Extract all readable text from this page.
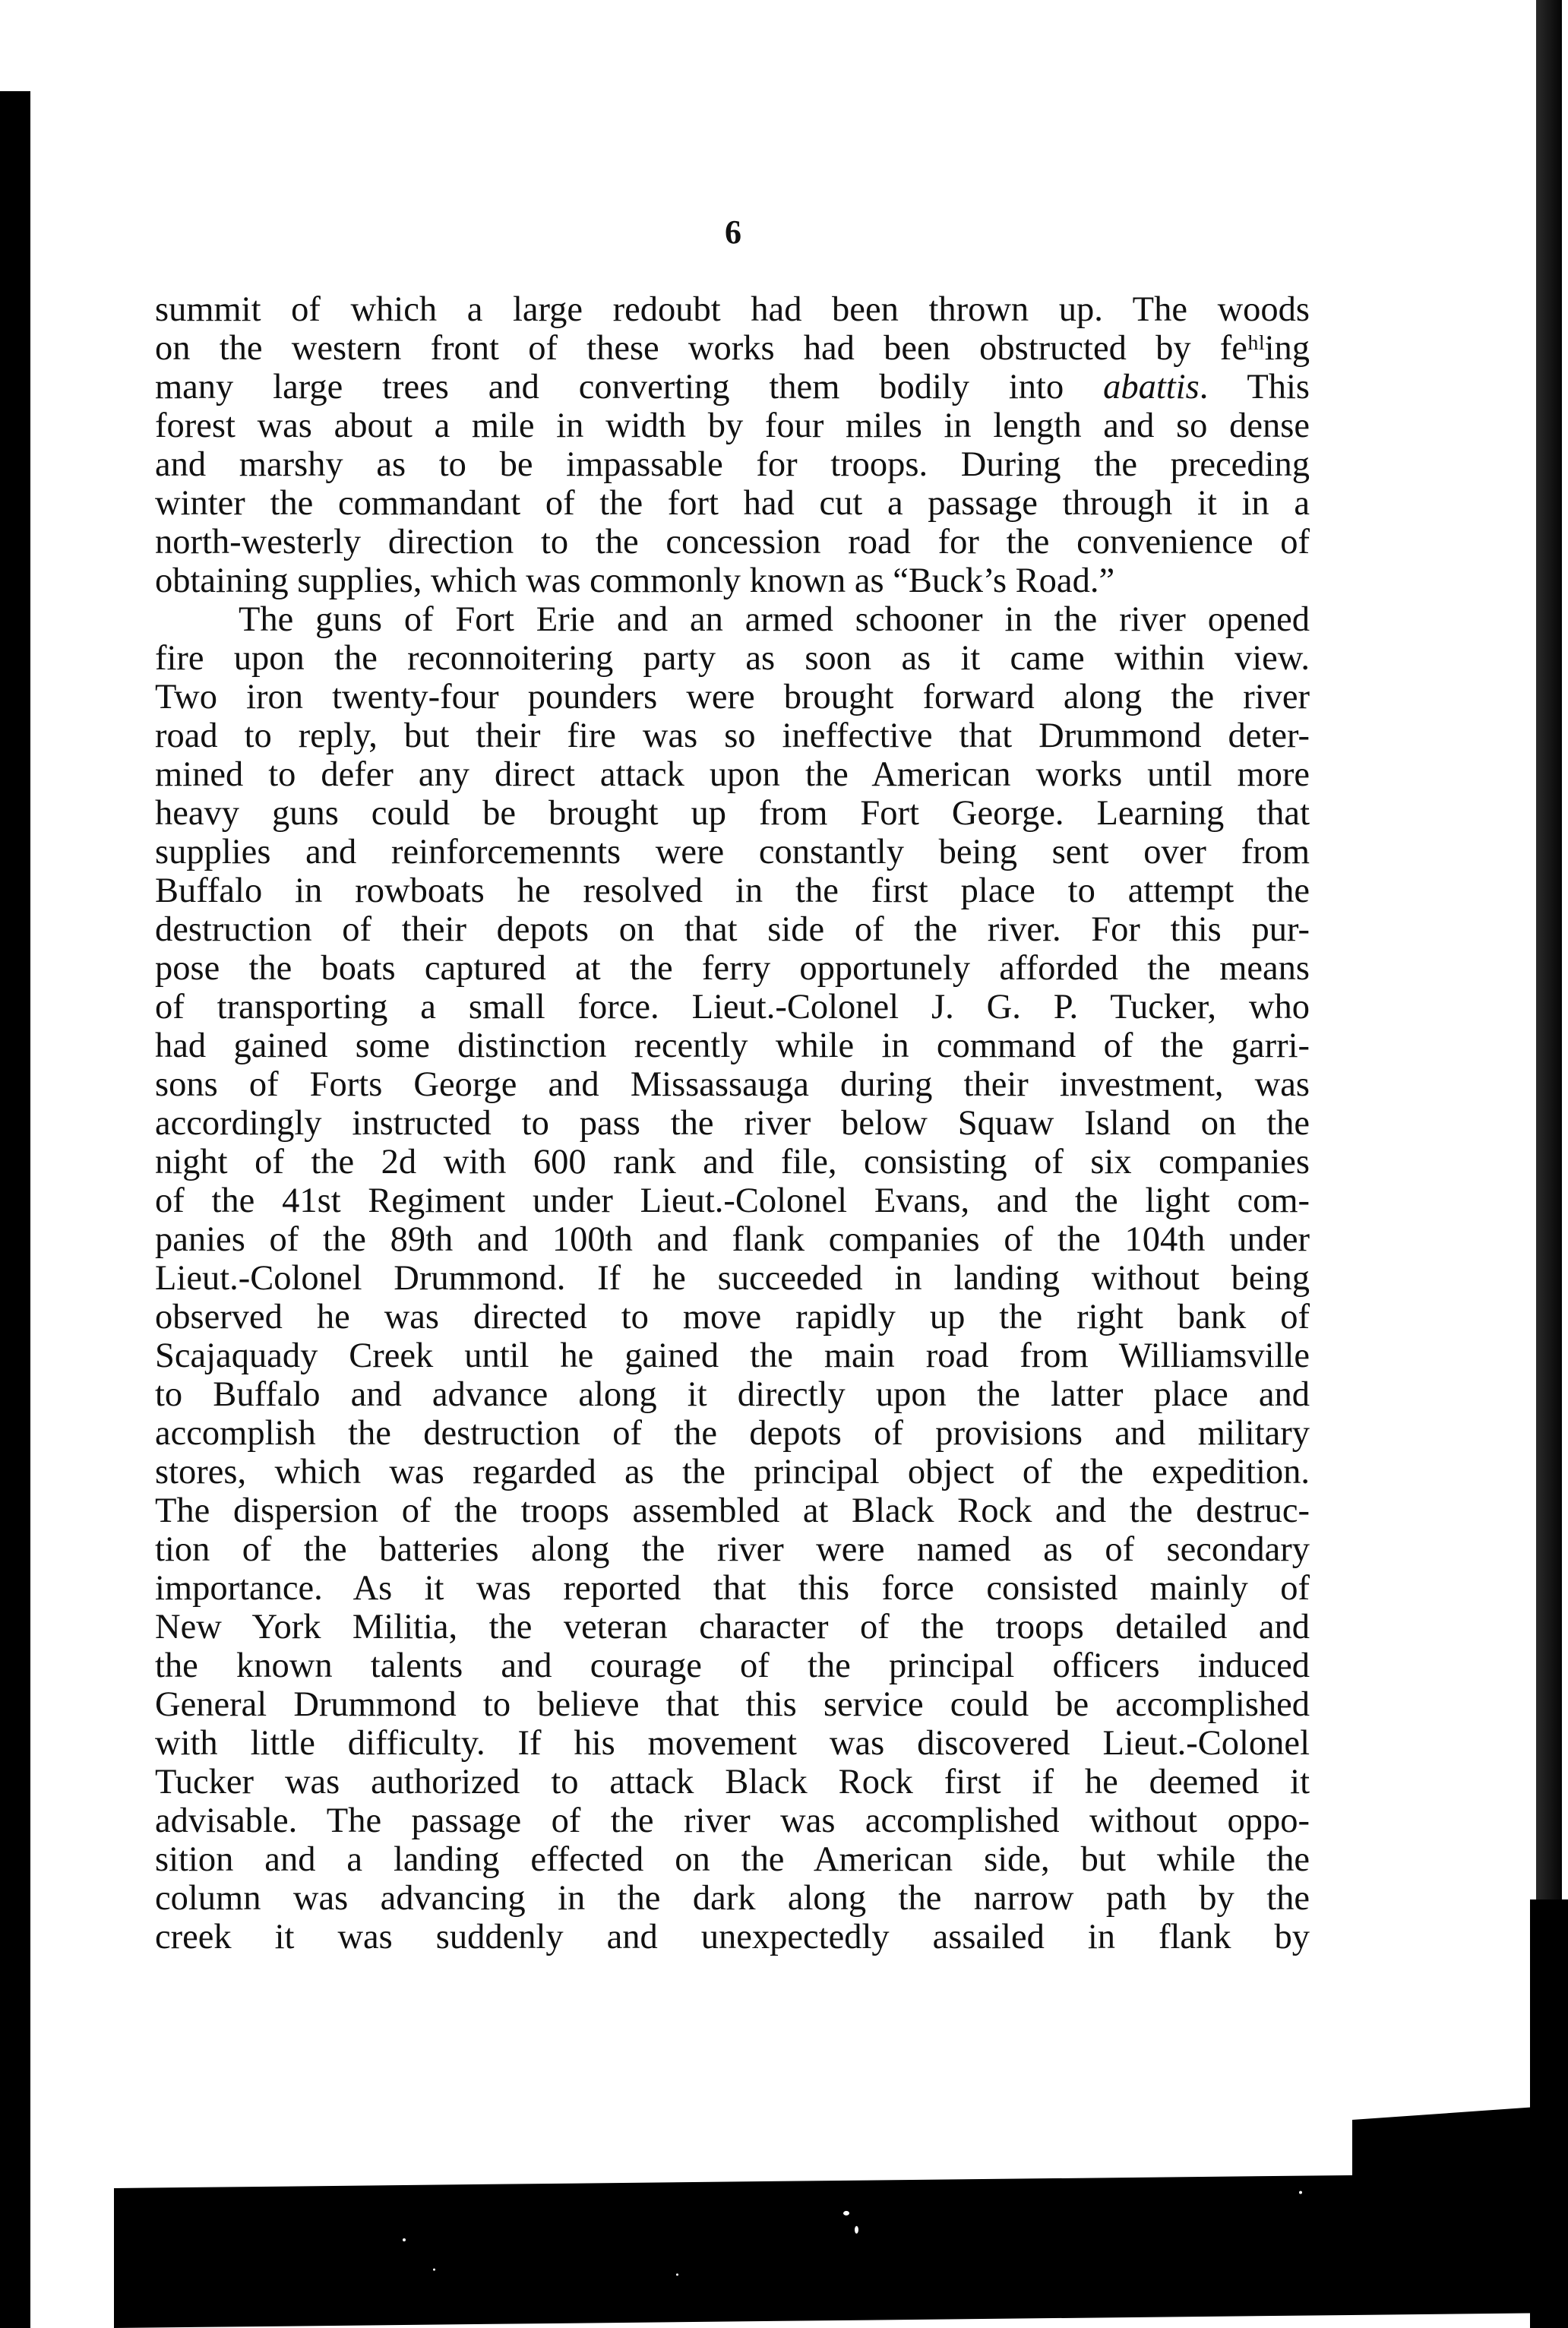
6
summit of which a large redoubt had been thrown up. The woods
on the western front of these works had been obstructed by feʰˡing
many large trees and converting them bodily into abattis. This
forest was about a mile in width by four miles in length and so dense
and marshy as to be impassable for troops. During the preceding
winter the commandant of the fort had cut a passage through it in a
north-westerly direction to the concession road for the convenience of
obtaining supplies, which was commonly known as “Buck’s Road.”
The guns of Fort Erie and an armed schooner in the river opened
fire upon the reconnoitering party as soon as it came within view.
Two iron twenty-four pounders were brought forward along the river
road to reply, but their fire was so ineffective that Drummond deter-
mined to defer any direct attack upon the American works until more
heavy guns could be brought up from Fort George. Learning that
supplies and reinforcemennts were constantly being sent over from
Buffalo in rowboats he resolved in the first place to attempt the
destruction of their depots on that side of the river. For this pur-
pose the boats captured at the ferry opportunely afforded the means
of transporting a small force. Lieut.-Colonel J. G. P. Tucker, who
had gained some distinction recently while in command of the garri-
sons of Forts George and Missassauga during their investment, was
accordingly instructed to pass the river below Squaw Island on the
night of the 2d with 600 rank and file, consisting of six companies
of the 41st Regiment under Lieut.-Colonel Evans, and the light com-
panies of the 89th and 100th and flank companies of the 104th under
Lieut.-Colonel Drummond. If he succeeded in landing without being
observed he was directed to move rapidly up the right bank of
Scajaquady Creek until he gained the main road from Williamsville
to Buffalo and advance along it directly upon the latter place and
accomplish the destruction of the depots of provisions and military
stores, which was regarded as the principal object of the expedition.
The dispersion of the troops assembled at Black Rock and the destruc-
tion of the batteries along the river were named as of secondary
importance. As it was reported that this force consisted mainly of
New York Militia, the veteran character of the troops detailed and
the known talents and courage of the principal officers induced
General Drummond to believe that this service could be accomplished
with little difficulty. If his movement was discovered Lieut.-Colonel
Tucker was authorized to attack Black Rock first if he deemed it
advisable. The passage of the river was accomplished without oppo-
sition and a landing effected on the American side, but while the
column was advancing in the dark along the narrow path by the
creek it was suddenly and unexpectedly assailed in flank by
